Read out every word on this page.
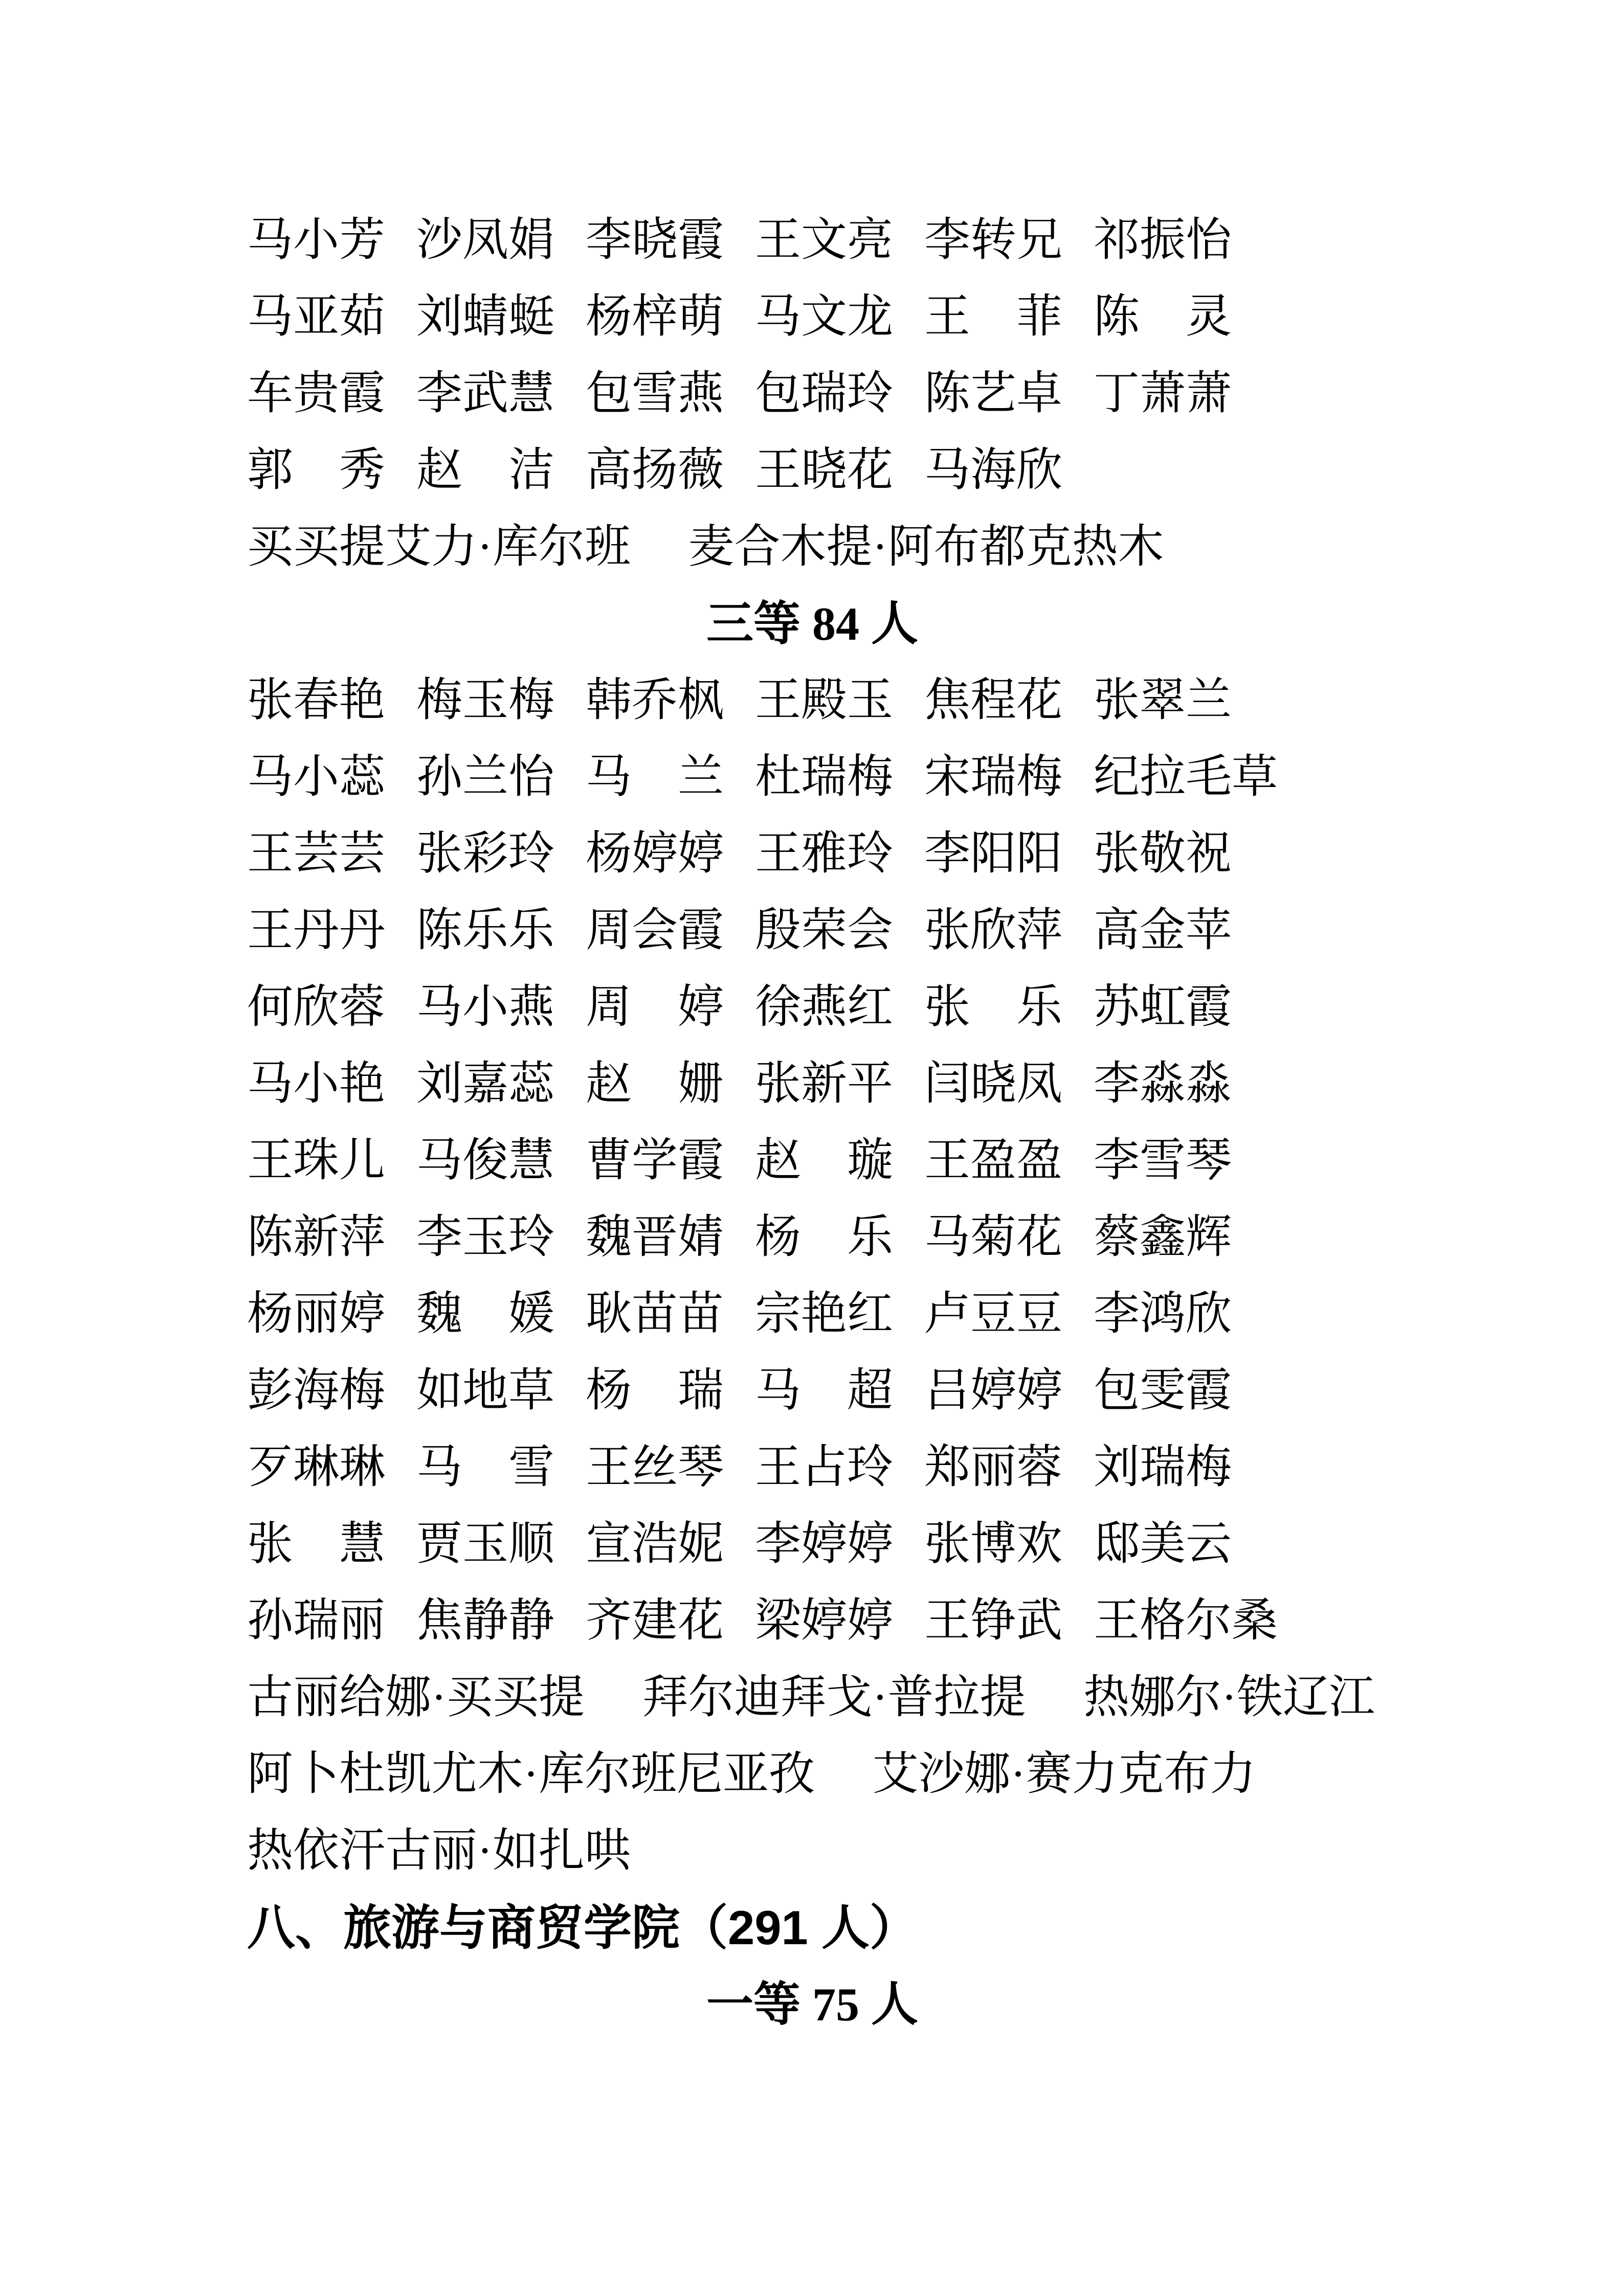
马小芳 沙凤娟 李晓霞 王文亮 李转兄 祁振怡
马亚茹 刘蜻蜓 杨梓萌 马文龙 王　菲 陈　灵
车贵霞 李武慧 包雪燕 包瑞玲 陈艺卓 丁萧萧
郭　秀 赵　洁 高扬薇 王晓花 马海欣
买买提艾力·库尔班　 麦合木提·阿布都克热木
三等 84 人
张春艳 梅玉梅 韩乔枫 王殿玉 焦程花 张翠兰
马小蕊 孙兰怡 马　兰 杜瑞梅 宋瑞梅 纪拉毛草
王芸芸 张彩玲 杨婷婷 王雅玲 李阳阳 张敬祝
王丹丹 陈乐乐 周会霞 殷荣会 张欣萍 高金苹
何欣蓉 马小燕 周　婷 徐燕红 张　乐 苏虹霞
马小艳 刘嘉蕊 赵　姗 张新平 闫晓凤 李淼淼
王珠儿 马俊慧 曹学霞 赵　璇 王盈盈 李雪琴
陈新萍 李玉玲 魏晋婧 杨　乐 马菊花 蔡鑫辉
杨丽婷 魏　媛 耿苗苗 宗艳红 卢豆豆 李鸿欣
彭海梅 如地草 杨　瑞 马　超 吕婷婷 包雯霞
歹琳琳 马　雪 王丝琴 王占玲 郑丽蓉 刘瑞梅
张　慧 贾玉顺 宣浩妮 李婷婷 张博欢 邸美云
孙瑞丽 焦静静 齐建花 梁婷婷 王铮武 王格尔桑
古丽给娜·买买提　 拜尔迪拜戈·普拉提　 热娜尔·铁辽江
阿卜杜凯尤木·库尔班尼亚孜　 艾沙娜·赛力克布力
热依汗古丽·如扎哄
八、旅游与商贸学院（291 人）
一等 75 人
